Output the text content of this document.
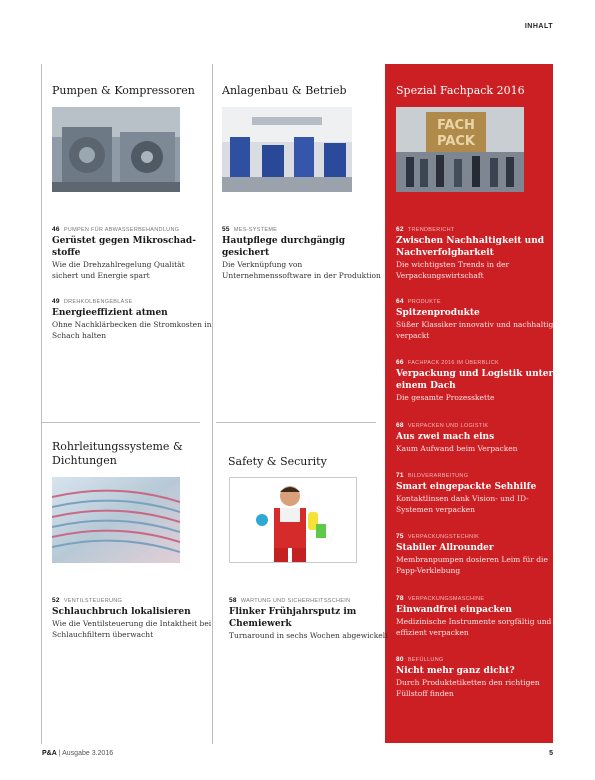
INHALT
Pumpen & Kompressoren
46 PUMPEN FÜR ABWASSERBEHANDLUNG
Gerüstet gegen Mikroschad-
stoffe
Wie die Drehzahlregelung Qualität sichert und Energie spart
49 DREHKOLBENGEBLÄSE
Energieeffizient atmen
Ohne Nachklärbecken die Stromkosten in Schach halten
Anlagenbau & Betrieb
55 MES-SYSTEME
Hautpflege durchgängig gesichert
Die Verknüpfung von Unternehmenssoftware in der Produktion
Rohrleitungssysteme & Dichtungen
52 VENTILSTEUERUNG
Schlauchbruch lokalisieren
Wie die Ventilsteuerung die Intaktheit bei Schlauchfiltern überwacht
Safety & Security
58 WARTUNG UND SICHERHEITSSCHEIN
Flinker Frühjahrsputz im Chemiewerk
Turnaround in sechs Wochen abgewickelt
Spezial Fachpack 2016
FACH
PACK
62 TRENDBERICHT
Zwischen Nachhaltigkeit und Nachverfolgbarkeit
Die wichtigsten Trends in der Verpackungswirtschaft
64 PRODUKTE
Spitzenprodukte
Süßer Klassiker innovativ und nachhaltig verpackt
66 FACHPACK 2016 IM ÜBERBLICK
Verpackung und Logistik unter einem Dach
Die gesamte Prozesskette
68 VERPACKEN UND LOGISTIK
Aus zwei mach eins
Kaum Aufwand beim Verpacken
71 BILDVERARBEITUNG
Smart eingepackte Sehhilfe
Kontaktlinsen dank Vision- und ID-Systemen verpacken
75 VERPACKUNGSTECHNIK
Stabiler Allrounder
Membranpumpen dosieren Leim für die Papp-Verklebung
78 VERPACKUNGSMASCHINE
Einwandfrei einpacken
Medizinische Instrumente sorgfältig und effizient verpacken
80 BEFÜLLUNG
Nicht mehr ganz dicht?
Durch Produktetiketten den richtigen Füllstoff finden
P&A | Ausgabe 3.2016	5
